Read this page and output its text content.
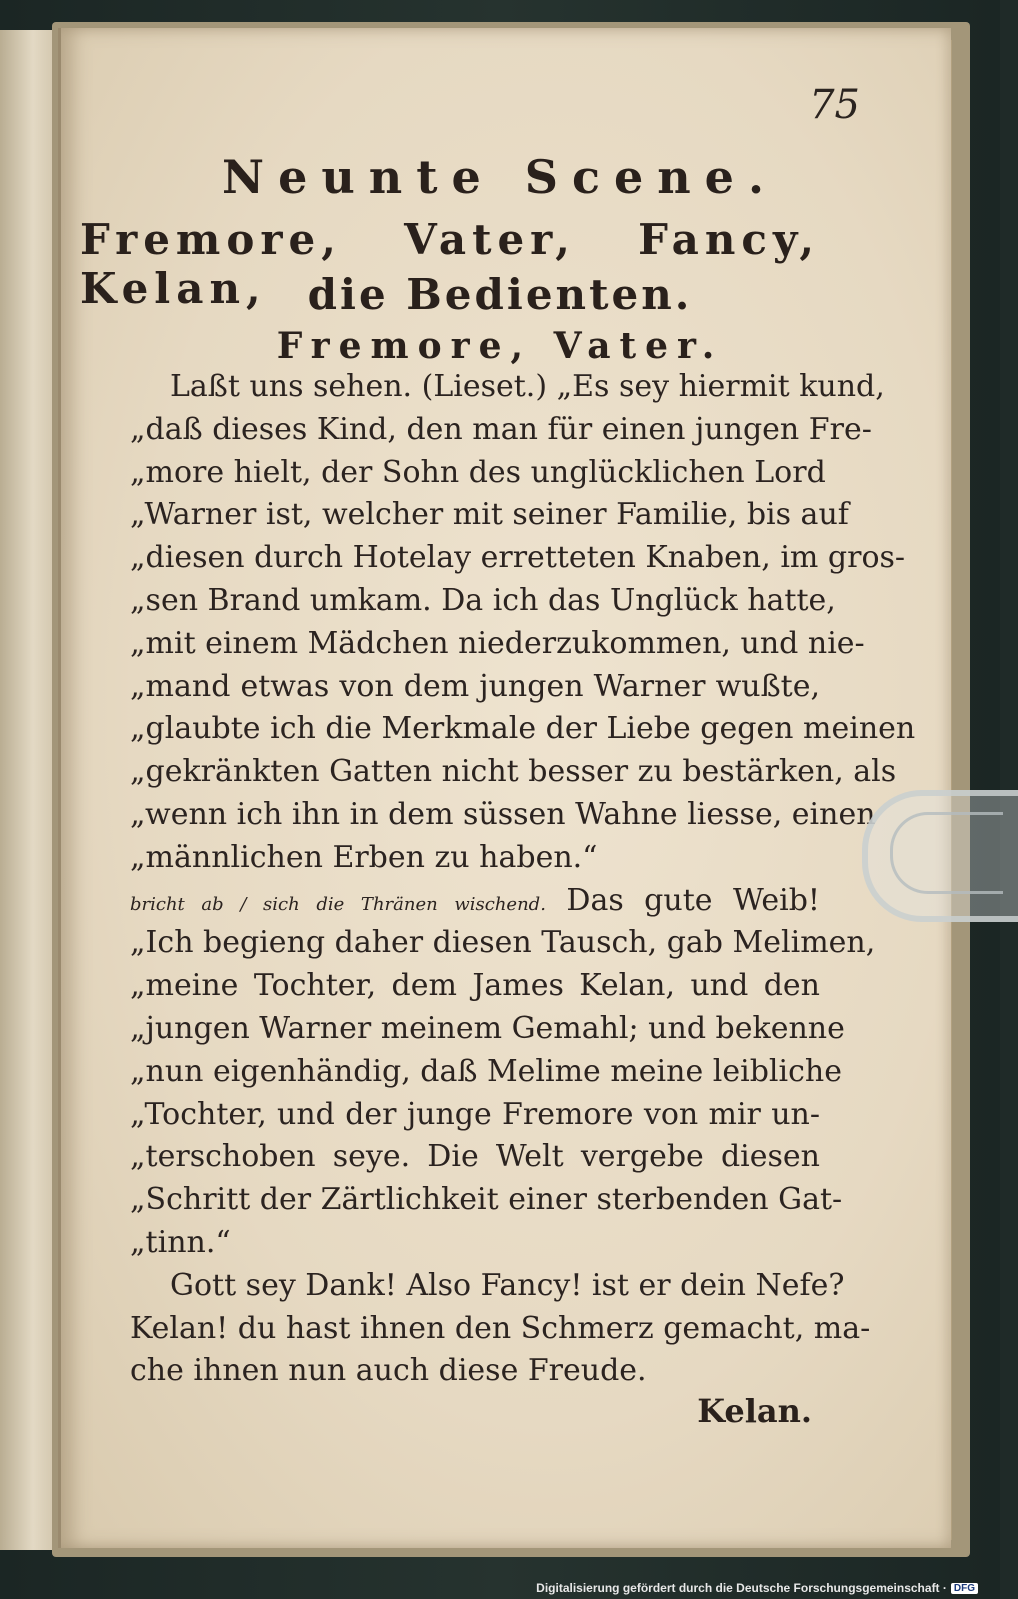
75
Neunte Scene.
Fremore, Vater, Fancy, Kelan, die Bedienten.
Fremore, Vater.
Laßt uns sehen. (Lieset.) „Es sey hiermit kund,
„daß dieses Kind, den man für einen jungen Fre-
„more hielt, der Sohn des unglücklichen Lord
„Warner ist, welcher mit seiner Familie, bis auf
„diesen durch Hotelay erretteten Knaben, im gros-
„sen Brand umkam. Da ich das Unglück hatte,
„mit einem Mädchen niederzukommen, und nie-
„mand etwas von dem jungen Warner wußte,
„glaubte ich die Merkmale der Liebe gegen meinen
„gekränkten Gatten nicht besser zu bestärken, als
„wenn ich ihn in dem süssen Wahne liesse, einen
„männlichen Erben zu haben.“
bricht ab / sich die Thränen wischend. Das gute Weib!
„Ich begieng daher diesen Tausch, gab Melimen,
„meine Tochter, dem James Kelan, und den
„jungen Warner meinem Gemahl; und bekenne
„nun eigenhändig, daß Melime meine leibliche
„Tochter, und der junge Fremore von mir un-
„terschoben seye. Die Welt vergebe diesen
„Schritt der Zärtlichkeit einer sterbenden Gat-
„tinn.“
Gott sey Dank! Also Fancy! ist er dein Nefe?
Kelan! du hast ihnen den Schmerz gemacht, ma-
che ihnen nun auch diese Freude.
Kelan.
Digitalisierung gefördert durch die Deutsche Forschungsgemeinschaft · DFG
